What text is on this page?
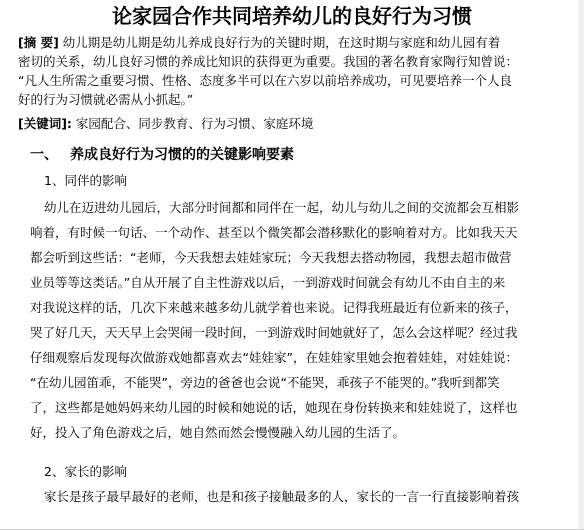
论家园合作共同培养幼儿的良好行为习惯
[摘 要] 幼儿期是幼儿期是幼儿养成良好行为的关键时期，在这时期与家庭和幼儿园有着
密切的关系，幼儿良好习惯的养成比知识的获得更为重要。我国的著名教育家陶行知曾说：
“凡人生所需之重要习惯、性格、态度多半可以在六岁以前培养成功，可见要培养一个人良
好的行为习惯就必需从小抓起。”
[关键词]: 家园配合、同步教育、行为习惯、家庭环境
一、 养成良好行为习惯的的关键影响要素
1、同伴的影响
幼儿在迈进幼儿园后，大部分时间都和同伴在一起，幼儿与幼儿之间的交流都会互相影
响着，有时候一句话、一个动作、甚至以个微笑都会潜移默化的影响着对方。比如我天天
都会听到这些话：“老师，今天我想去娃娃家玩；今天我想去搭动物园，我想去超市做营
业员等等这类话。”自从开展了自主性游戏以后，一到游戏时间就会有幼儿不由自主的来
对我说这样的话，几次下来越来越多幼儿就学着也来说。记得我班最近有位新来的孩子，
哭了好几天，天天早上会哭闹一段时间，一到游戏时间她就好了，怎么会这样呢？经过我
仔细观察后发现每次做游戏她都喜欢去“娃娃家”，在娃娃家里她会抱着娃娃，对娃娃说：
“在幼儿园笛乖，不能哭”，旁边的爸爸也会说“不能哭，乖孩子不能哭的。”我听到都笑
了，这些都是她妈妈来幼儿园的时候和她说的话，她现在身份转换来和娃娃说了，这样也
好，投入了角色游戏之后，她自然而然会慢慢融入幼儿园的生活了。
2、家长的影响
家长是孩子最早最好的老师，也是和孩子接触最多的人，家长的一言一行直接影响着孩
